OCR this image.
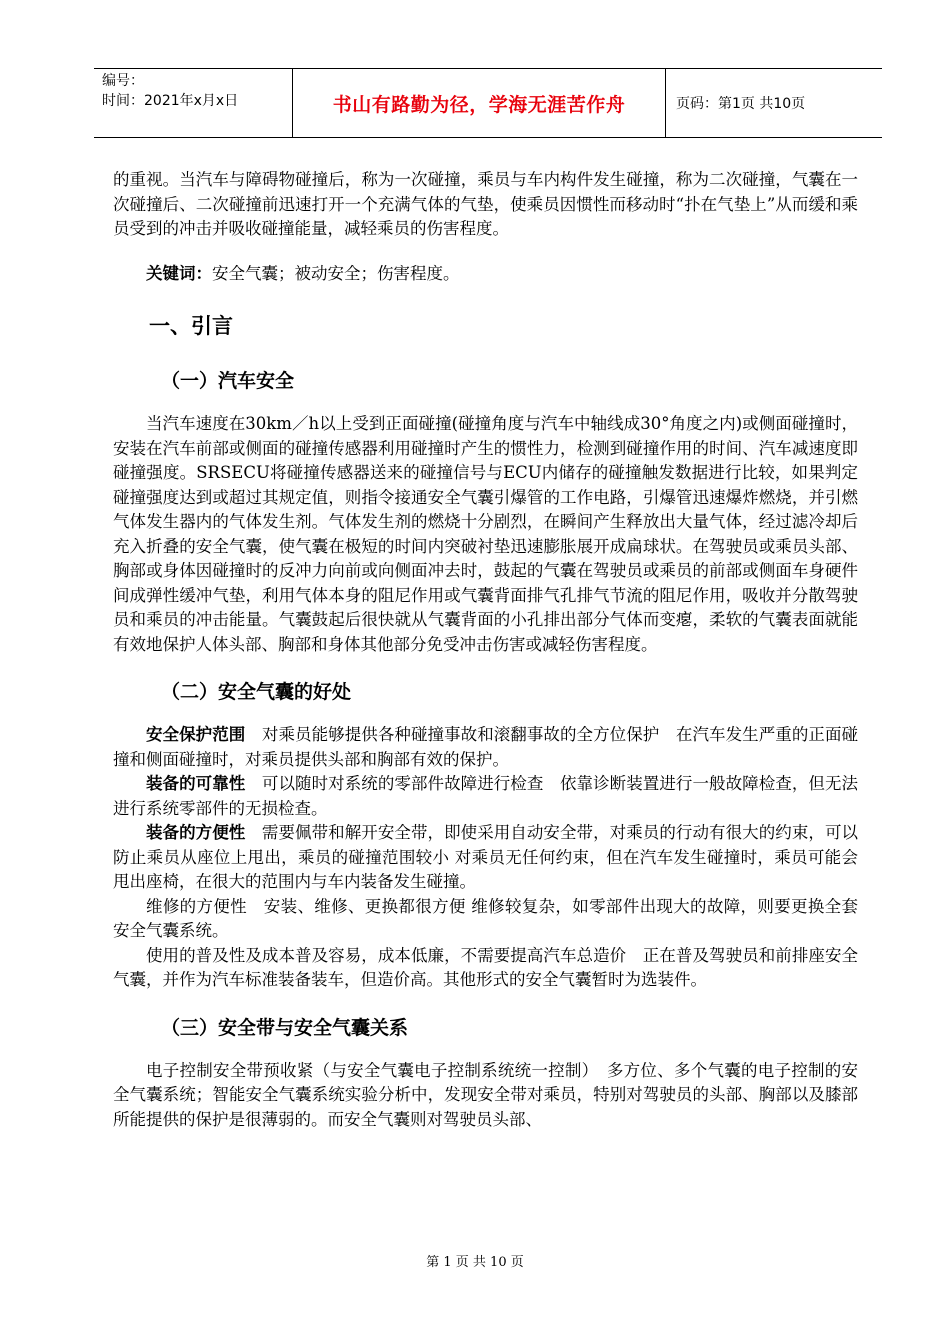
编号：
时间：2021年x月x日	书山有路勤为径，学海无涯苦作舟	页码：第1页 共10页

的重视。当汽车与障碍物碰撞后，称为一次碰撞，乘员与车内构件发生碰撞，称为二次碰撞，气囊在一次碰撞后、二次碰撞前迅速打开一个充满气体的气垫，使乘员因惯性而移动时“扑在气垫上”从而缓和乘员受到的冲击并吸收碰撞能量，减轻乘员的伤害程度。

关键词：安全气囊；被动安全；伤害程度。

一、引言
（一）汽车安全

当汽车速度在30km／h以上受到正面碰撞(碰撞角度与汽车中轴线成30°角度之内)或侧面碰撞时，安装在汽车前部或侧面的碰撞传感器利用碰撞时产生的惯性力，检测到碰撞作用的时间、汽车减速度即碰撞强度。SRSECU将碰撞传感器送来的碰撞信号与ECU内储存的碰撞触发数据进行比较，如果判定碰撞强度达到或超过其规定值，则指令接通安全气囊引爆管的工作电路，引爆管迅速爆炸燃烧，并引燃气体发生器内的气体发生剂。气体发生剂的燃烧十分剧烈，在瞬间产生释放出大量气体，经过滤冷却后充入折叠的安全气囊，使气囊在极短的时间内突破衬垫迅速膨胀展开成扁球状。在驾驶员或乘员头部、胸部或身体因碰撞时的反冲力向前或向侧面冲去时，鼓起的气囊在驾驶员或乘员的前部或侧面车身硬件间成弹性缓冲气垫，利用气体本身的阻尼作用或气囊背面排气孔排气节流的阻尼作用，吸收并分散驾驶员和乘员的冲击能量。气囊鼓起后很快就从气囊背面的小孔排出部分气体而变瘪，柔软的气囊表面就能有效地保护人体头部、胸部和身体其他部分免受冲击伤害或减轻伤害程度。

（二）安全气囊的好处

安全保护范围　对乘员能够提供各种碰撞事故和滚翻事故的全方位保护　在汽车发生严重的正面碰撞和侧面碰撞时，对乘员提供头部和胸部有效的保护。

装备的可靠性　可以随时对系统的零部件故障进行检查　依靠诊断装置进行一般故障检查，但无法进行系统零部件的无损检查。

装备的方便性　需要佩带和解开安全带，即使采用自动安全带，对乘员的行动有很大的约束，可以防止乘员从座位上甩出，乘员的碰撞范围较小 对乘员无任何约束，但在汽车发生碰撞时，乘员可能会甩出座椅，在很大的范围内与车内装备发生碰撞。

维修的方便性　安装、维修、更换都很方便 维修较复杂，如零部件出现大的故障，则要更换全套安全气囊系统。

使用的普及性及成本普及容易，成本低廉，不需要提高汽车总造价　正在普及驾驶员和前排座安全气囊，并作为汽车标准装备装车，但造价高。其他形式的安全气囊暂时为选装件。

（三）安全带与安全气囊关系

电子控制安全带预收紧（与安全气囊电子控制系统统一控制）　多方位、多个气囊的电子控制的安全气囊系统；智能安全气囊系统实验分析中，发现安全带对乘员，特别对驾驶员的头部、胸部以及膝部所能提供的保护是很薄弱的。而安全气囊则对驾驶员头部、

第 1 页 共 10 页
